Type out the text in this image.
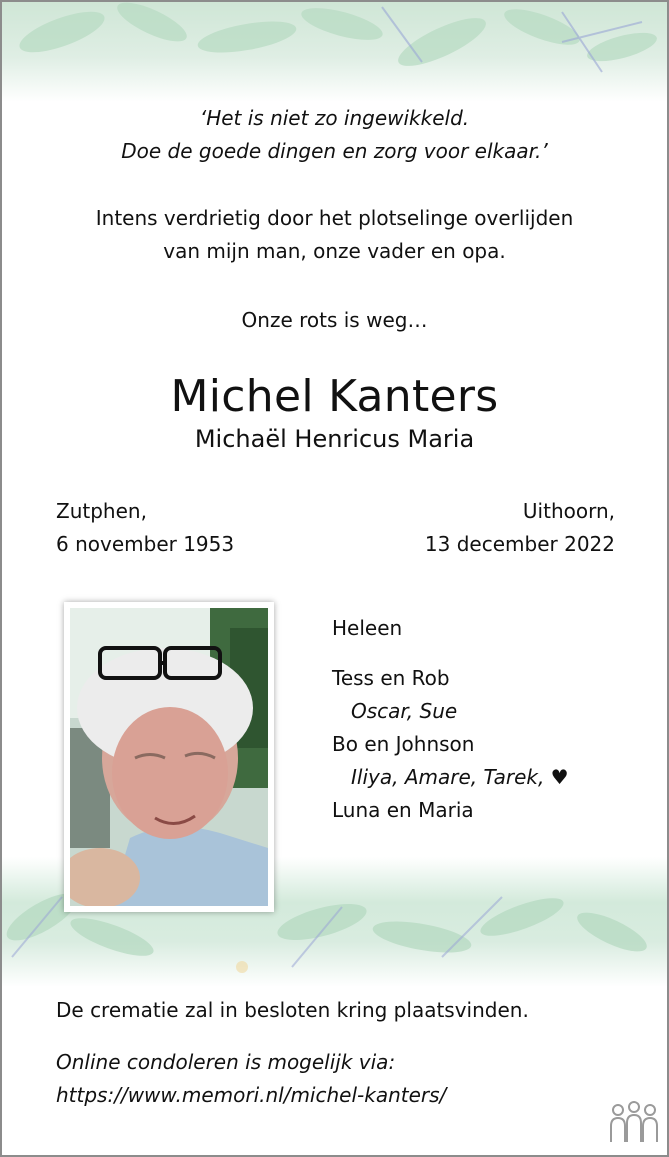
‘Het is niet zo ingewikkeld.
Doe de goede dingen en zorg voor elkaar.’
Intens verdrietig door het plotselinge overlijden
van mijn man, onze vader en opa.
Onze rots is weg…
Michel Kanters
Michaël Henricus Maria
Zutphen,
6 november 1953
Uithoorn,
13 december 2022
Heleen
Tess en Rob
Oscar, Sue
Bo en Johnson
Iliya, Amare, Tarek, ♥
Luna en Maria
De crematie zal in besloten kring plaatsvinden.
Online condoleren is mogelijk via:
https://www.memori.nl/michel-kanters/
